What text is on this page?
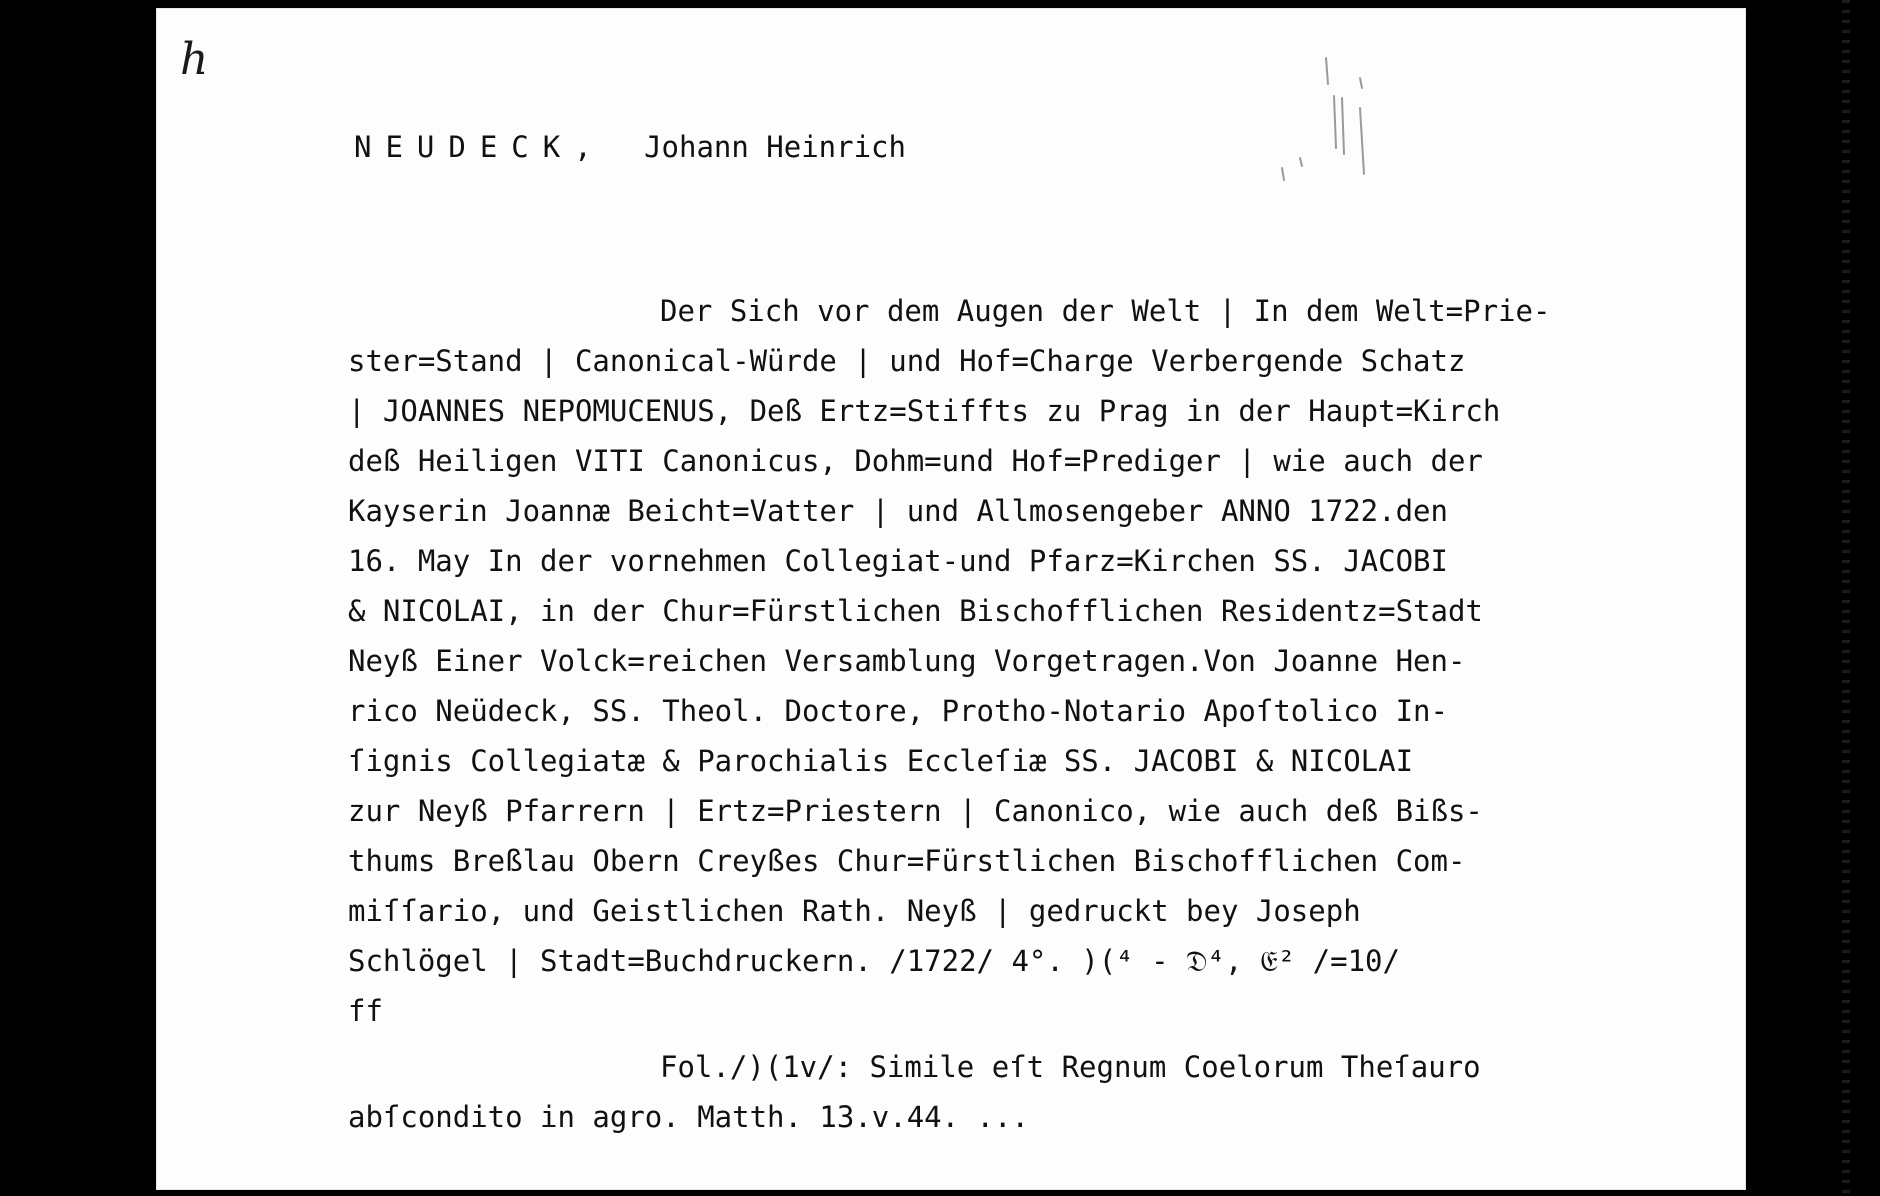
h
NEUDECK, Johann Heinrich
Der Sich vor dem Augen der Welt | In dem Welt=Prie-
ster=Stand | Canonical-Würde | und Hof=Charge Verbergende Schatz
| JOANNES NEPOMUCENUS, Deß Ertz=Stiffts zu Prag in der Haupt=Kirch
deß Heiligen VITI Canonicus, Dohm=und Hof=Prediger | wie auch der
Kayserin Joannæ Beicht=Vatter | und Allmosengeber ANNO 1722.den
16. May In der vornehmen Collegiat-und Pfarz=Kirchen SS. JACOBI
& NICOLAI, in der Chur=Fürstlichen Bischofflichen Residentz=Stadt
Neyß Einer Volck=reichen Versamblung Vorgetragen.Von Joanne Hen-
rico Neüdeck, SS. Theol. Doctore, Protho-Notario Apoſtolico In-
ſignis Collegiatæ & Parochialis Eccleſiæ SS. JACOBI & NICOLAI
zur Neyß Pfarrern | Ertz=Priestern | Canonico, wie auch deß Bißs-
thums Breßlau Obern Creyßes Chur=Fürstlichen Bischofflichen Com-
miſſario, und Geistlichen Rath. Neyß | gedruckt bey Joseph
Schlögel | Stadt=Buchdruckern. /1722/ 4°. )(⁴ - 𝔇⁴, 𝔈² /=10/
ff
Fol./)(1v/: Simile eſt Regnum Coelorum Theſauro
abſcondito in agro. Matth. 13.v.44. ...
